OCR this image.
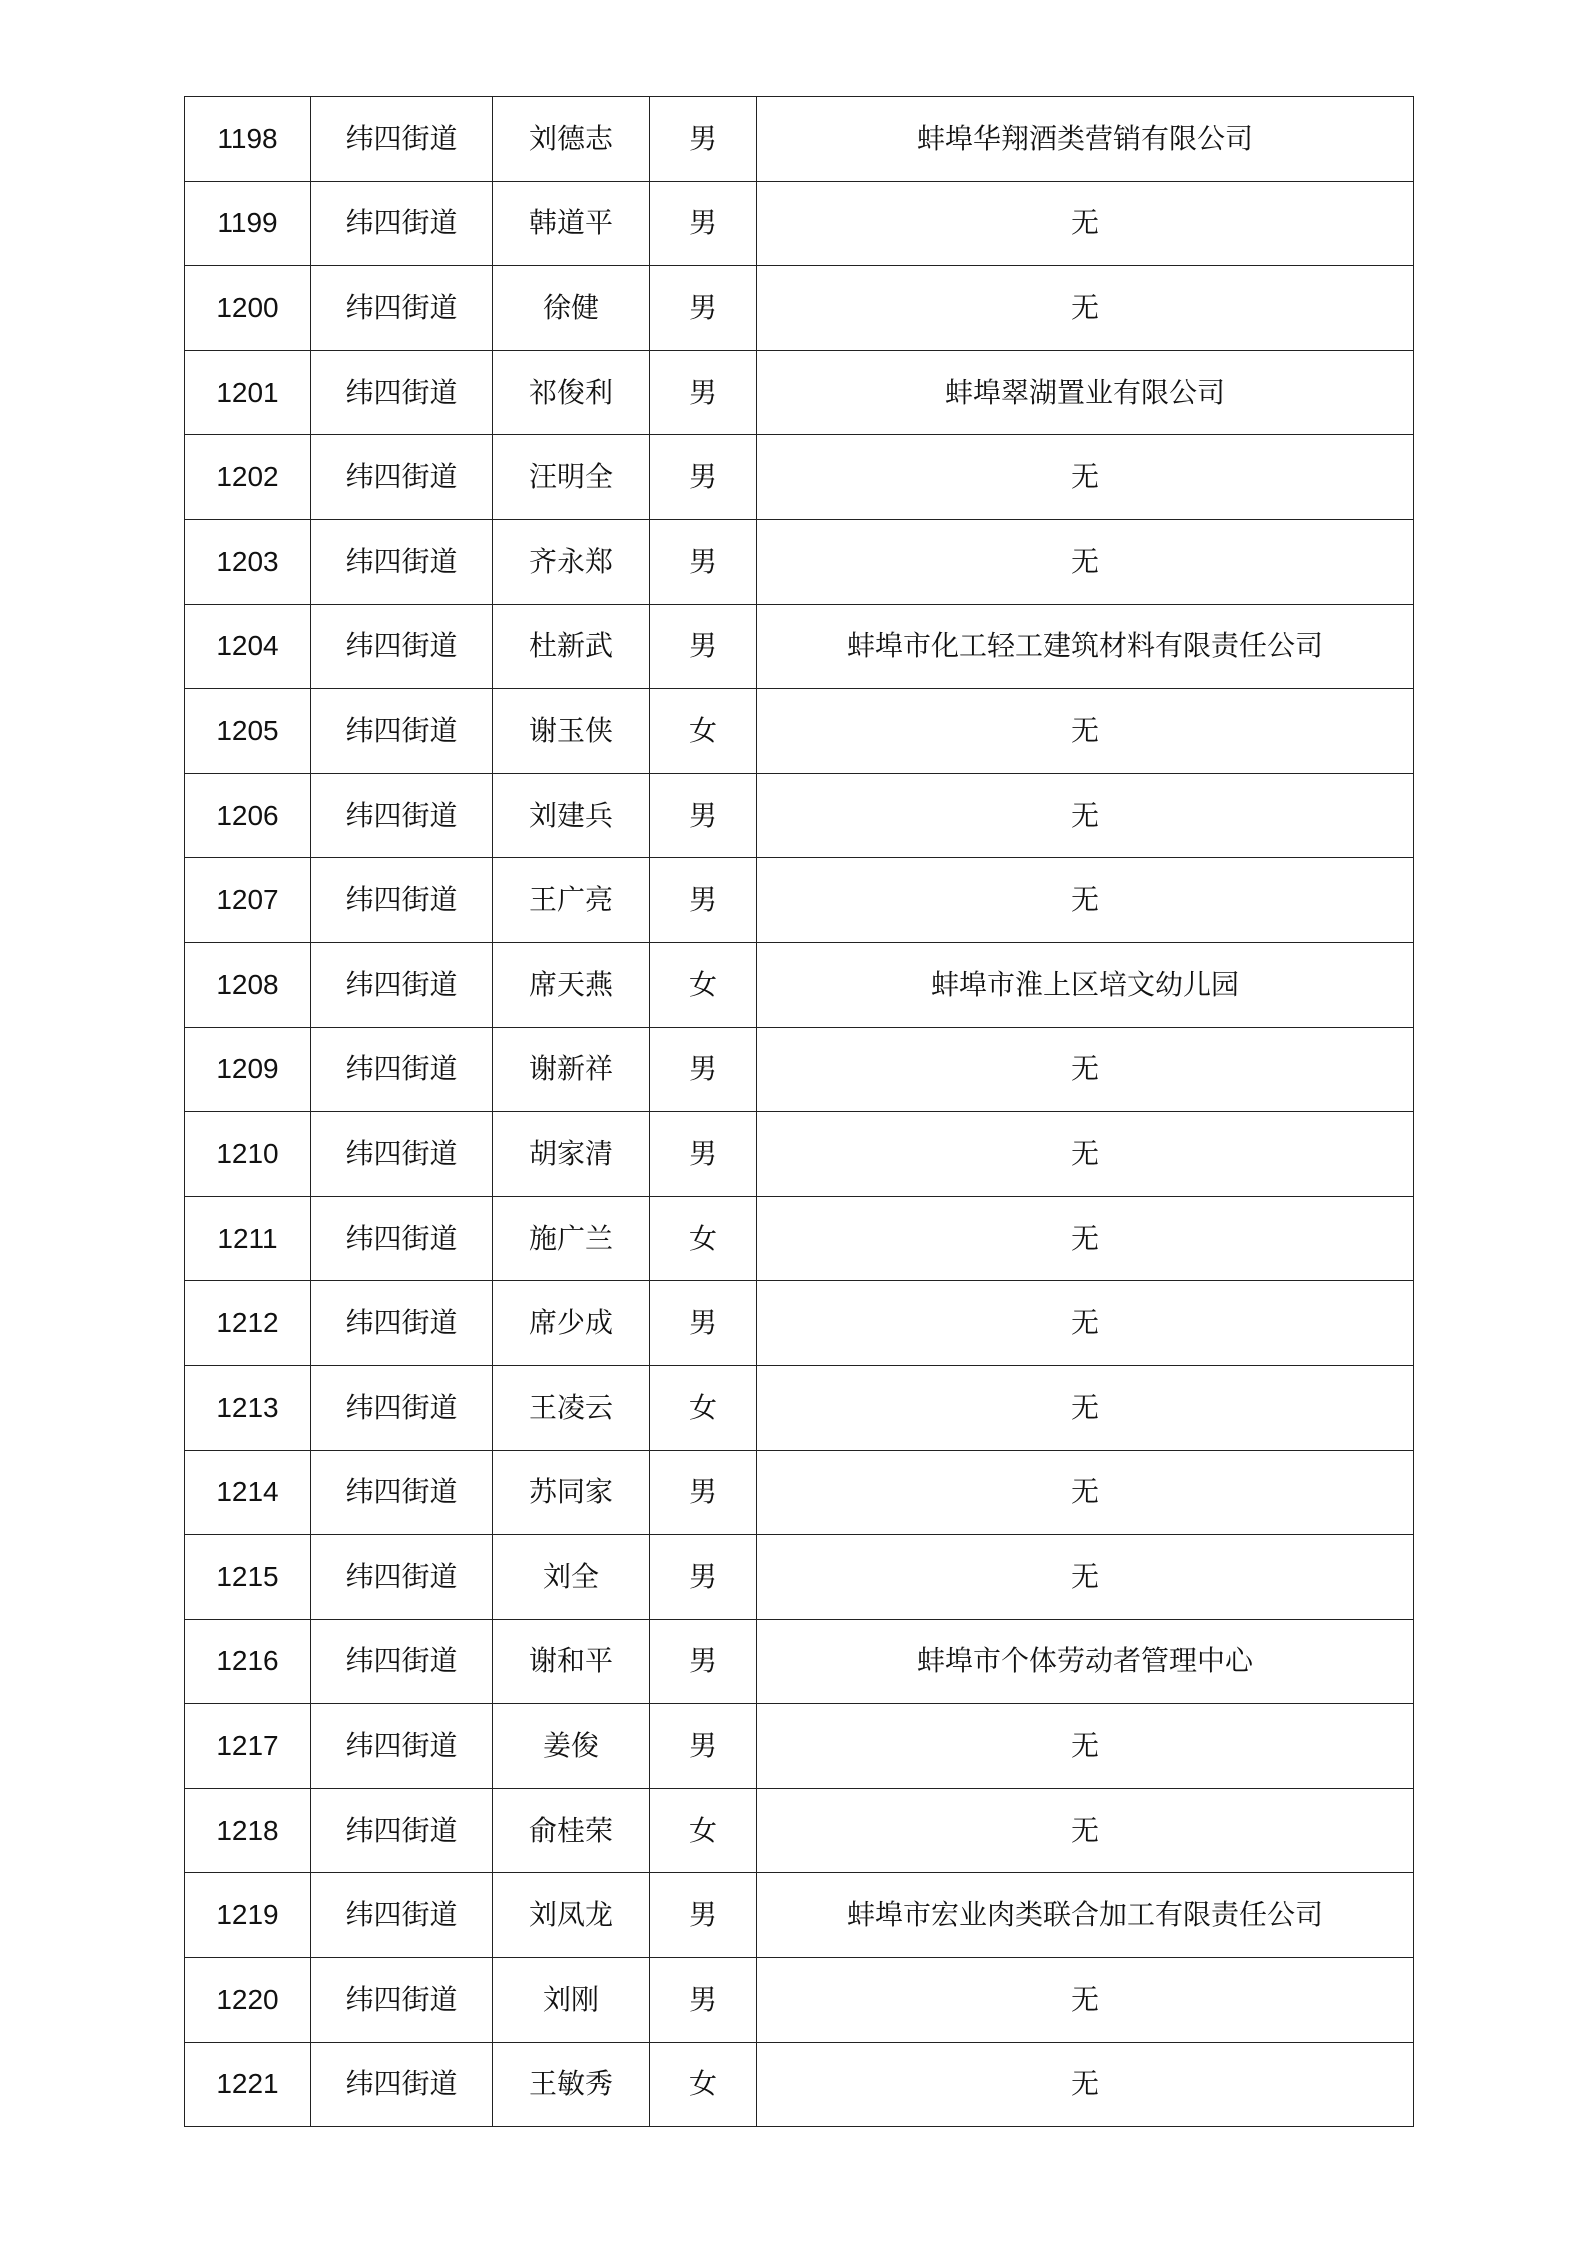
1198	纬四街道	刘德志	男	蚌埠华翔酒类营销有限公司
1199	纬四街道	韩道平	男	无
1200	纬四街道	徐健	男	无
1201	纬四街道	祁俊利	男	蚌埠翠湖置业有限公司
1202	纬四街道	汪明全	男	无
1203	纬四街道	齐永郑	男	无
1204	纬四街道	杜新武	男	蚌埠市化工轻工建筑材料有限责任公司
1205	纬四街道	谢玉侠	女	无
1206	纬四街道	刘建兵	男	无
1207	纬四街道	王广亮	男	无
1208	纬四街道	席天燕	女	蚌埠市淮上区培文幼儿园
1209	纬四街道	谢新祥	男	无
1210	纬四街道	胡家清	男	无
1211	纬四街道	施广兰	女	无
1212	纬四街道	席少成	男	无
1213	纬四街道	王凌云	女	无
1214	纬四街道	苏同家	男	无
1215	纬四街道	刘全	男	无
1216	纬四街道	谢和平	男	蚌埠市个体劳动者管理中心
1217	纬四街道	姜俊	男	无
1218	纬四街道	俞桂荣	女	无
1219	纬四街道	刘凤龙	男	蚌埠市宏业肉类联合加工有限责任公司
1220	纬四街道	刘刚	男	无
1221	纬四街道	王敏秀	女	无
